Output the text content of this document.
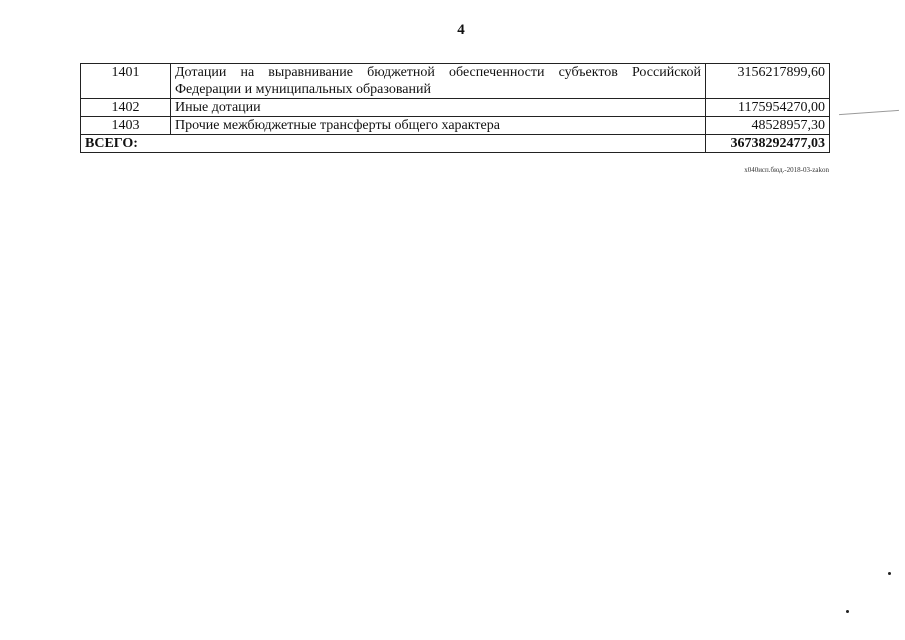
4
1401	Дотации на выравнивание бюджетной обеспеченности субъектов Российской Федерации и муниципальных образований	3156217899,60
1402	Иные дотации	1175954270,00
1403	Прочие межбюджетные трансферты общего характера	48528957,30
ВСЕГО:		36738292477,03
x040исп.бюд.-2018-03-zakon
